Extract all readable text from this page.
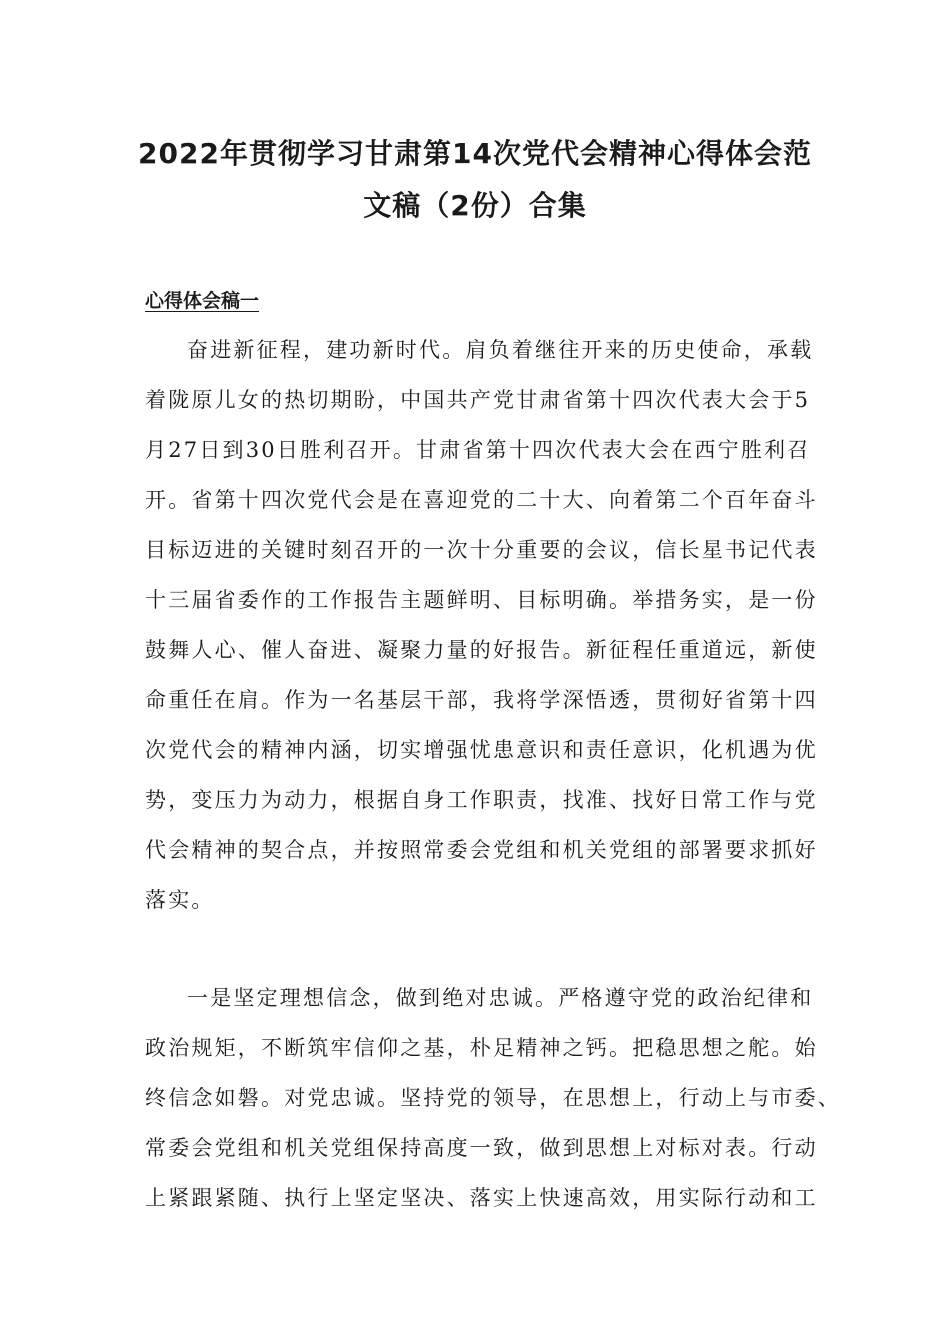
2022年贯彻学习甘肃第14次党代会精神心得体会范
文稿（2份）合集
心得体会稿一

奋进新征程，建功新时代。肩负着继往开来的历史使命，承载
着陇原儿女的热切期盼，中国共产党甘肃省第十四次代表大会于5
月27日到30日胜利召开。甘肃省第十四次代表大会在西宁胜利召
开。省第十四次党代会是在喜迎党的二十大、向着第二个百年奋斗
目标迈进的关键时刻召开的一次十分重要的会议，信长星书记代表
十三届省委作的工作报告主题鲜明、目标明确。举措务实，是一份
鼓舞人心、催人奋进、凝聚力量的好报告。新征程任重道远，新使
命重任在肩。作为一名基层干部，我将学深悟透，贯彻好省第十四
次党代会的精神内涵，切实增强忧患意识和责任意识，化机遇为优
势，变压力为动力，根据自身工作职责，找准、找好日常工作与党
代会精神的契合点，并按照常委会党组和机关党组的部署要求抓好
落实。

一是坚定理想信念，做到绝对忠诚。严格遵守党的政治纪律和
政治规矩，不断筑牢信仰之基，朴足精神之钙。把稳思想之舵。始
终信念如磐。对党忠诚。坚持党的领导，在思想上，行动上与市委、
常委会党组和机关党组保持高度一致，做到思想上对标对表。行动
上紧跟紧随、执行上坚定坚决、落实上快速高效，用实际行动和工
